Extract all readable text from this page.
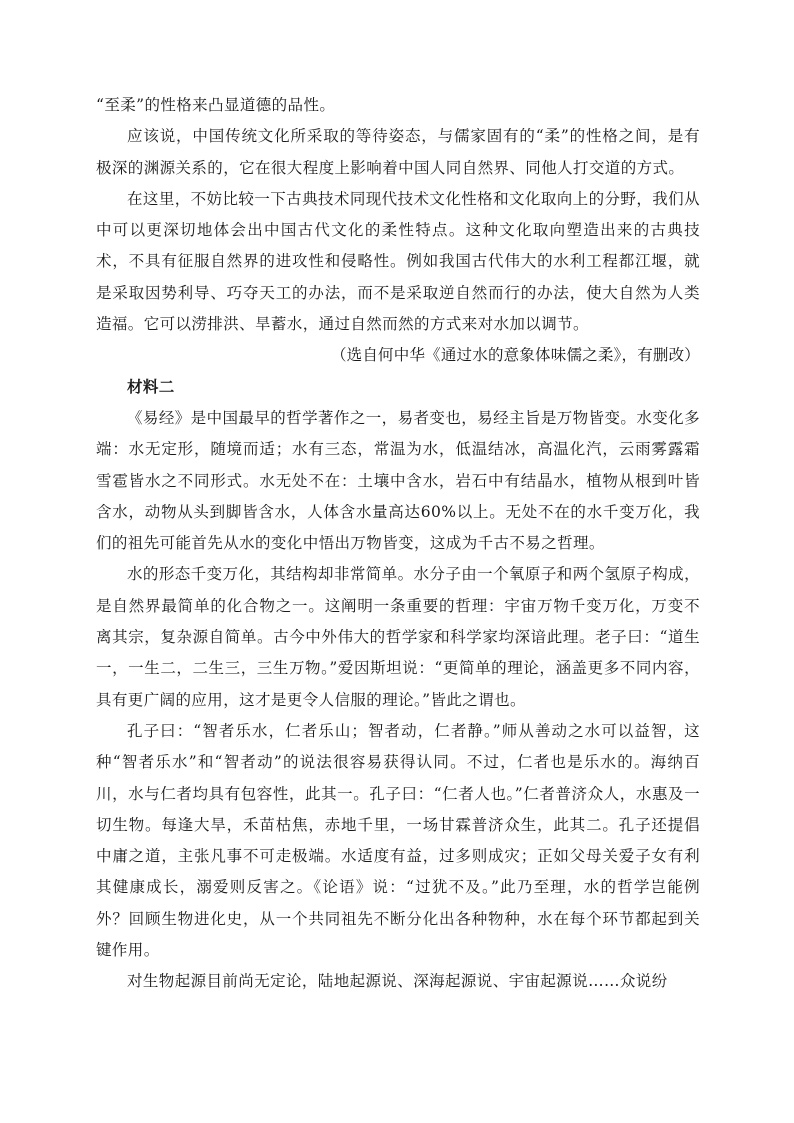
“至柔”的性格来凸显道德的品性。

应该说，中国传统文化所采取的等待姿态，与儒家固有的“柔”的性格之间，是有极深的渊源关系的，它在很大程度上影响着中国人同自然界、同他人打交道的方式。

在这里，不妨比较一下古典技术同现代技术文化性格和文化取向上的分野，我们从中可以更深切地体会出中国古代文化的柔性特点。这种文化取向塑造出来的古典技术，不具有征服自然界的进攻性和侵略性。例如我国古代伟大的水利工程都江堰，就是采取因势利导、巧夺天工的办法，而不是采取逆自然而行的办法，使大自然为人类造福。它可以涝排洪、旱蓄水，通过自然而然的方式来对水加以调节。

（选自何中华《通过水的意象体味儒之柔》，有删改）

材料二

《易经》是中国最早的哲学著作之一，易者变也，易经主旨是万物皆变。水变化多端：水无定形，随境而适；水有三态，常温为水，低温结冰，高温化汽，云雨雾露霜雪雹皆水之不同形式。水无处不在：土壤中含水，岩石中有结晶水，植物从根到叶皆含水，动物从头到脚皆含水，人体含水量高达60%以上。无处不在的水千变万化，我们的祖先可能首先从水的变化中悟出万物皆变，这成为千古不易之哲理。

水的形态千变万化，其结构却非常简单。水分子由一个氧原子和两个氢原子构成，是自然界最简单的化合物之一。这阐明一条重要的哲理：宇宙万物千变万化，万变不离其宗，复杂源自简单。古今中外伟大的哲学家和科学家均深谙此理。老子曰：“道生一，一生二，二生三，三生万物。”爱因斯坦说：“更简单的理论，涵盖更多不同内容，具有更广阔的应用，这才是更令人信服的理论。”皆此之谓也。

孔子曰：“智者乐水，仁者乐山；智者动，仁者静。”师从善动之水可以益智，这种“智者乐水”和“智者动”的说法很容易获得认同。不过，仁者也是乐水的。海纳百川，水与仁者均具有包容性，此其一。孔子曰：“仁者人也。”仁者普济众人，水惠及一切生物。每逢大旱，禾苗枯焦，赤地千里，一场甘霖普济众生，此其二。孔子还提倡中庸之道，主张凡事不可走极端。水适度有益，过多则成灾；正如父母关爱子女有利其健康成长，溺爱则反害之。《论语》说：“过犹不及。”此乃至理，水的哲学岂能例外？回顾生物进化史，从一个共同祖先不断分化出各种物种，水在每个环节都起到关键作用。

对生物起源目前尚无定论，陆地起源说、深海起源说、宇宙起源说……众说纷
